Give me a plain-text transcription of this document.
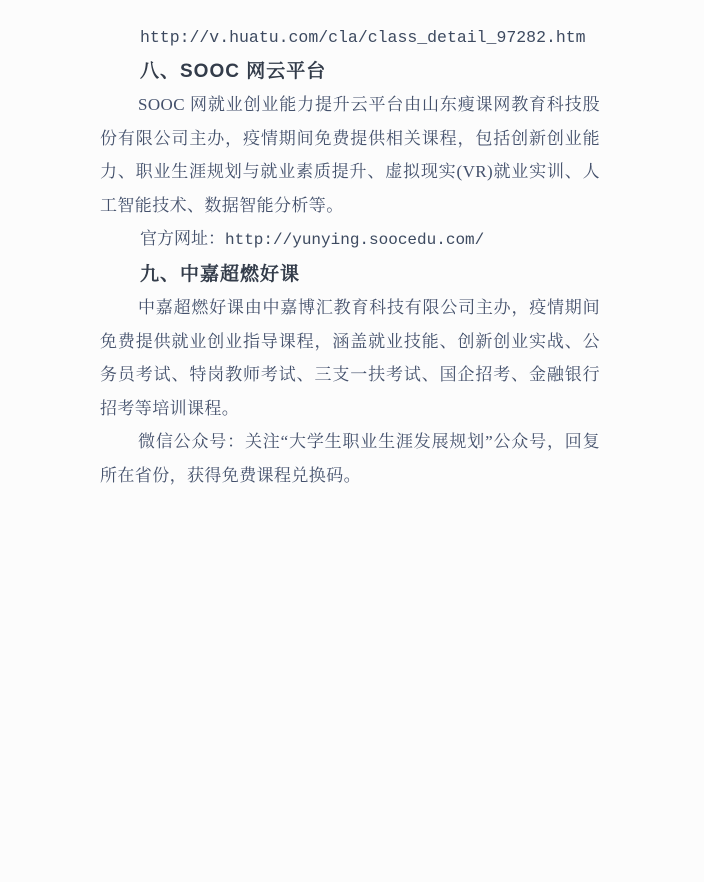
http://v.huatu.com/cla/class_detail_97282.htm

八、SOOC 网云平台

SOOC 网就业创业能力提升云平台由山东瘦课网教育科技股份有限公司主办，疫情期间免费提供相关课程，包括创新创业能力、职业生涯规划与就业素质提升、虚拟现实(VR)就业实训、人工智能技术、数据智能分析等。

官方网址：http://yunying.soocedu.com/

九、中嘉超燃好课

中嘉超燃好课由中嘉博汇教育科技有限公司主办，疫情期间免费提供就业创业指导课程，涵盖就业技能、创新创业实战、公务员考试、特岗教师考试、三支一扶考试、国企招考、金融银行招考等培训课程。

微信公众号：关注“大学生职业生涯发展规划”公众号，回复所在省份，获得免费课程兑换码。
